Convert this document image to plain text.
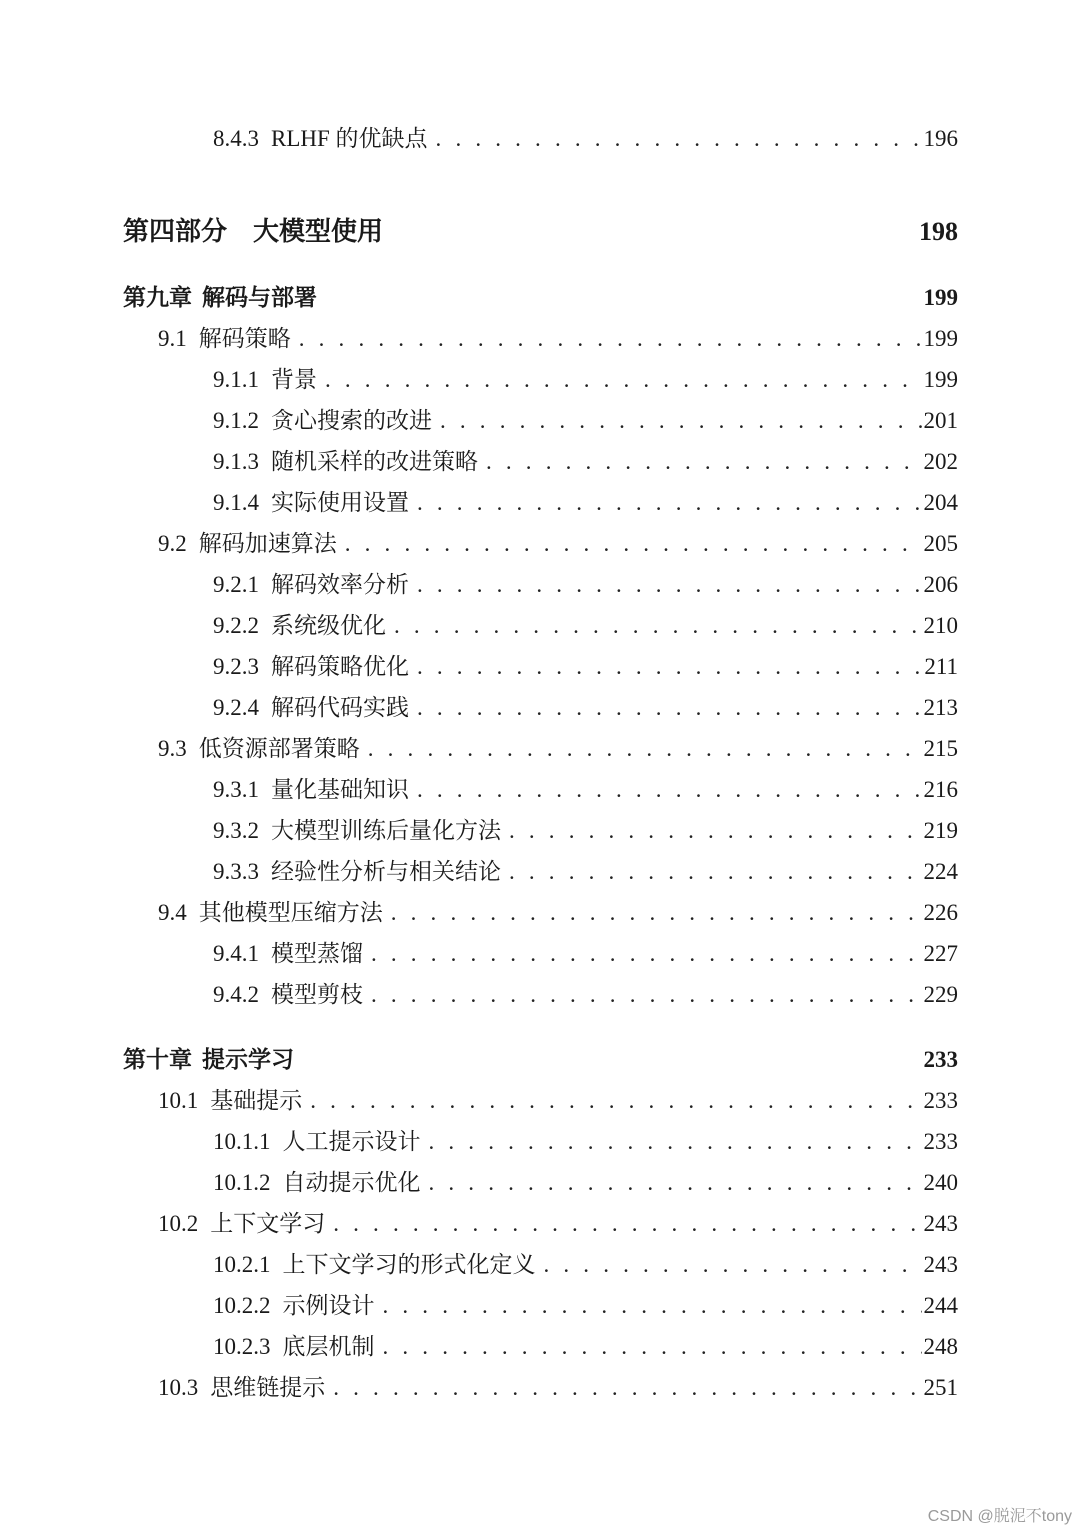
8.4.3 RLHF 的优缺点 . . .	196
第四部分	大模型使用	198
第九章 解码与部署	199
9.1 解码策略 . . .	199
9.1.1 背景 . . .	199
9.1.2 贪心搜索的改进 . . .	201
9.1.3 随机采样的改进策略 . . .	202
9.1.4 实际使用设置 . . .	204
9.2 解码加速算法 . . .	205
9.2.1 解码效率分析 . . .	206
9.2.2 系统级优化 . . .	210
9.2.3 解码策略优化 . . .	211
9.2.4 解码代码实践 . . .	213
9.3 低资源部署策略 . . .	215
9.3.1 量化基础知识 . . .	216
9.3.2 大模型训练后量化方法 . . .	219
9.3.3 经验性分析与相关结论 . . .	224
9.4 其他模型压缩方法 . . .	226
9.4.1 模型蒸馏 . . .	227
9.4.2 模型剪枝 . . .	229
第十章 提示学习	233
10.1 基础提示 . . .	233
10.1.1 人工提示设计 . . .	233
10.1.2 自动提示优化 . . .	240
10.2 上下文学习 . . .	243
10.2.1 上下文学习的形式化定义 . . .	243
10.2.2 示例设计 . . .	244
10.2.3 底层机制 . . .	248
10.3 思维链提示 . . .	251
CSDN @脱泥不tony
